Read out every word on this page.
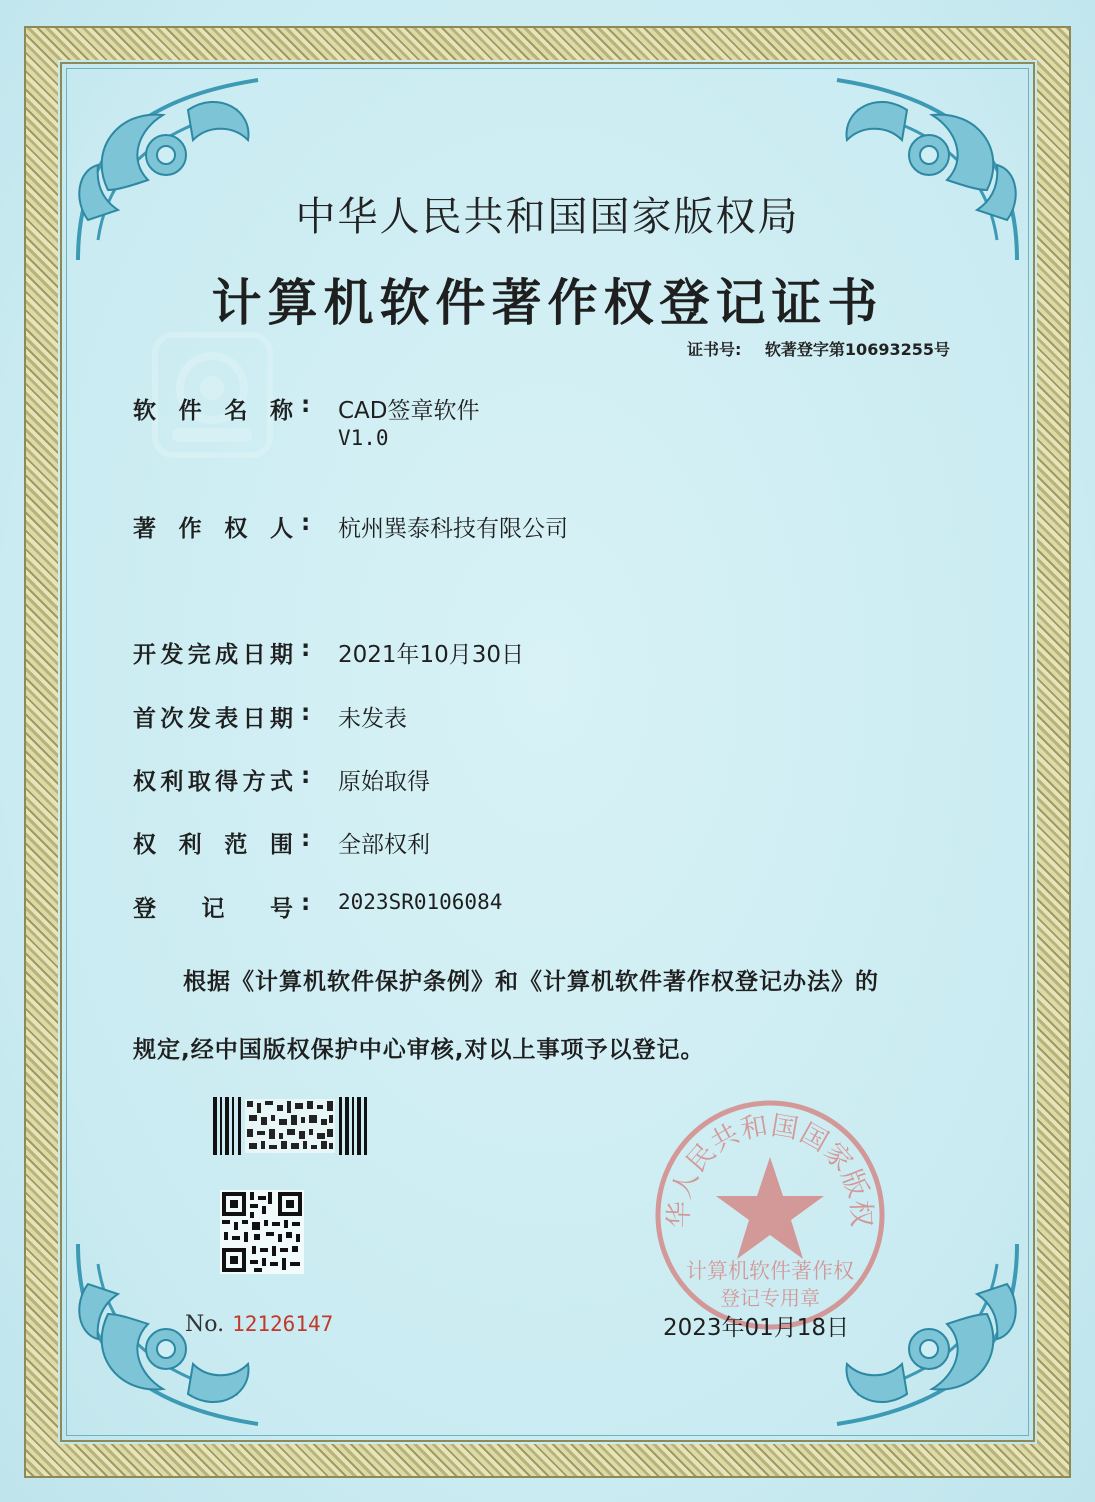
中华人民共和国国家版权局
计算机软件著作权登记证书
证书号: 软著登字第10693255号
软 件 名 称 : CAD签章软件
V1.0
著 作 权 人 : 杭州巽泰科技有限公司
开 发 完 成 日 期 : 2021年10月30日
首 次 发 表 日 期 : 未发表
权 利 取 得 方 式 : 原始取得
权 利 范 围 : 全部权利
登 记 号 : 2023SR0106084
根据《计算机软件保护条例》和《计算机软件著作权登记办法》的
规定,经中国版权保护中心审核,对以上事项予以登记。
No. 12126147
华人民共和国国家版权
计算机软件著作权
登记专用章
2023年01月18日
